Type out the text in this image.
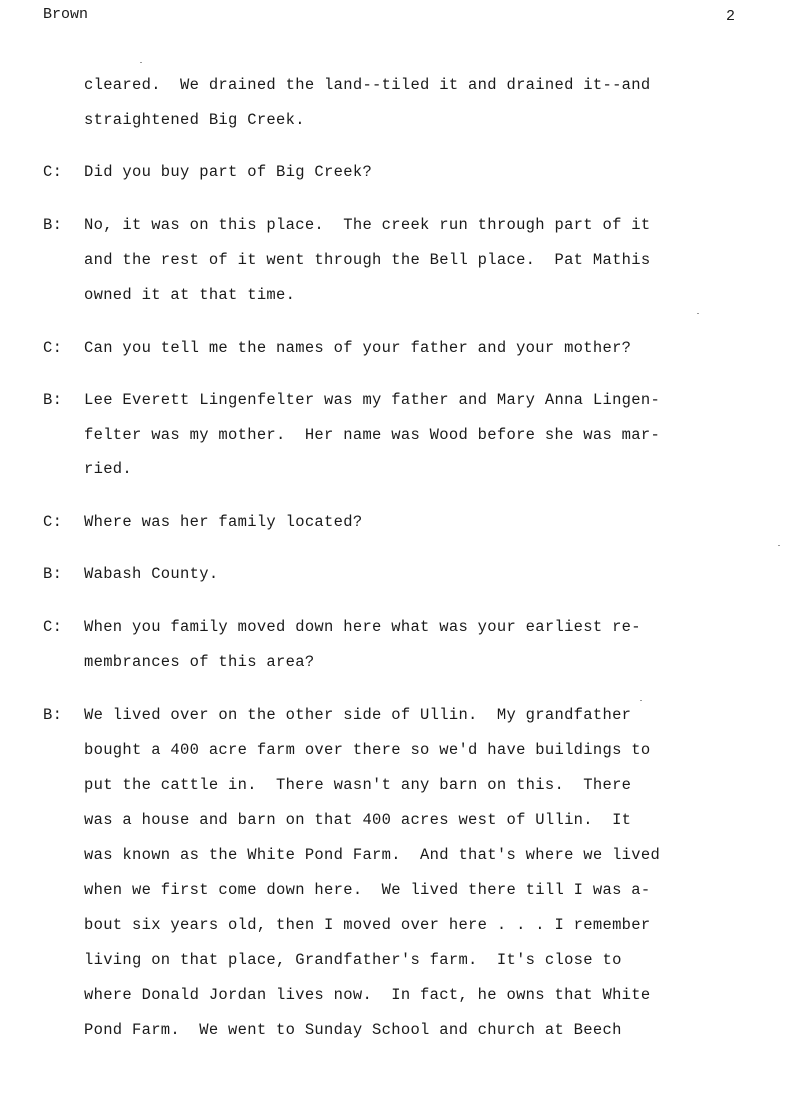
Brown	2
cleared.  We drained the land--tiled it and drained it--and
straightened Big Creek.
C: Did you buy part of Big Creek?
B: No, it was on this place.  The creek run through part of it
and the rest of it went through the Bell place.  Pat Mathis
owned it at that time.
C: Can you tell me the names of your father and your mother?
B: Lee Everett Lingenfelter was my father and Mary Anna Lingen-
felter was my mother.  Her name was Wood before she was mar-
ried.
C: Where was her family located?
B: Wabash County.
C: When you family moved down here what was your earliest re-
membrances of this area?
B: We lived over on the other side of Ullin.  My grandfather
bought a 400 acre farm over there so we'd have buildings to
put the cattle in.  There wasn't any barn on this.  There
was a house and barn on that 400 acres west of Ullin.  It
was known as the White Pond Farm.  And that's where we lived
when we first come down here.  We lived there till I was a-
bout six years old, then I moved over here . . . I remember
living on that place, Grandfather's farm.  It's close to
where Donald Jordan lives now.  In fact, he owns that White
Pond Farm.  We went to Sunday School and church at Beech
